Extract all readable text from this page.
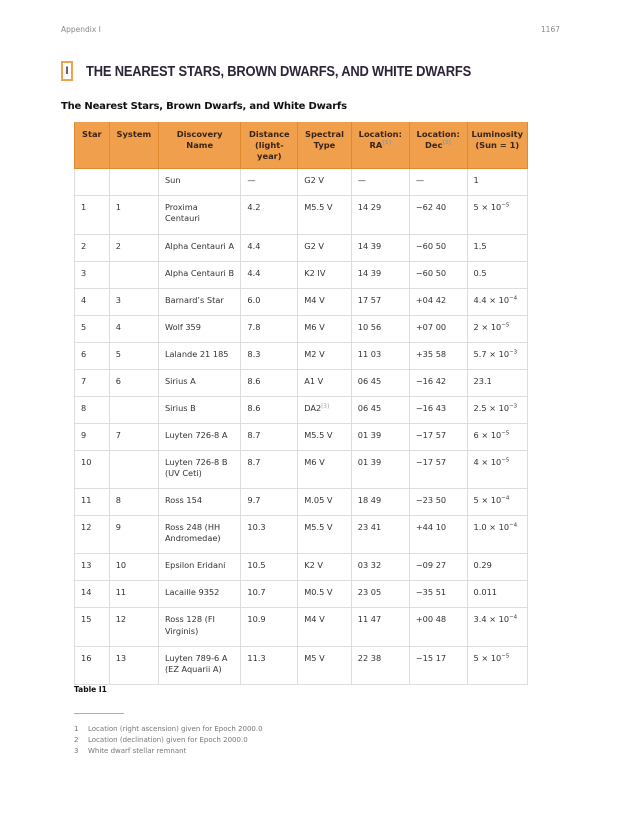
Appendix I	1167
I THE NEAREST STARS, BROWN DWARFS, AND WHITE DWARFS
The Nearest Stars, Brown Dwarfs, and White Dwarfs
Star	System	Discovery Name	Distance (light-year)	Spectral Type	Location: RA[1]	Location: Dec[2]	Luminosity (Sun = 1)
		Sun	—	G2 V	—	—	1
1	1	Proxima Centauri	4.2	M5.5 V	14 29	−62 40	$5 \times 10^{-5}$
2	2	Alpha Centauri A	4.4	G2 V	14 39	−60 50	1.5
3		Alpha Centauri B	4.4	K2 IV	14 39	−60 50	0.5
4	3	Barnard’s Star	6.0	M4 V	17 57	+04 42	$4.4 \times 10^{-4}$
5	4	Wolf 359	7.8	M6 V	10 56	+07 00	$2 \times 10^{-5}$
6	5	Lalande 21 185	8.3	M2 V	11 03	+35 58	$5.7 \times 10^{-3}$
7	6	Sirius A	8.6	A1 V	06 45	−16 42	23.1
8		Sirius B	8.6	DA2[3]	06 45	−16 43	$2.5 \times 10^{-3}$
9	7	Luyten 726-8 A	8.7	M5.5 V	01 39	−17 57	$6 \times 10^{-5}$
10		Luyten 726-8 B (UV Ceti)	8.7	M6 V	01 39	−17 57	$4 \times 10^{-5}$
11	8	Ross 154	9.7	M.05 V	18 49	−23 50	$5 \times 10^{-4}$
12	9	Ross 248 (HH Andromedae)	10.3	M5.5 V	23 41	+44 10	$1.0 \times 10^{-4}$
13	10	Epsilon Eridani	10.5	K2 V	03 32	−09 27	0.29
14	11	Lacaille 9352	10.7	M0.5 V	23 05	−35 51	0.011
15	12	Ross 128 (FI Virginis)	10.9	M4 V	11 47	+00 48	$3.4 \times 10^{-4}$
16	13	Luyten 789-6 A (EZ Aquarii A)	11.3	M5 V	22 38	−15 17	$5 \times 10^{-5}$
Table I1
1	Location (right ascension) given for Epoch 2000.0
2	Location (declination) given for Epoch 2000.0
3	White dwarf stellar remnant
